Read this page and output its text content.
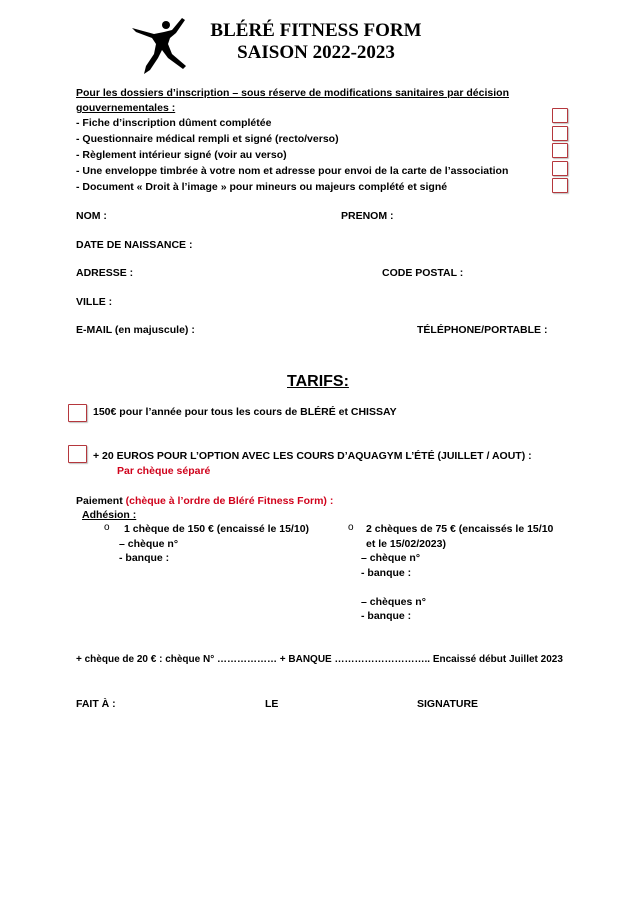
BLÉRÉ FITNESS FORM
SAISON 2022-2023
Pour les dossiers d’inscription – sous réserve de modifications sanitaires par décision
gouvernementales :
- Fiche d’inscription dûment complétée
- Questionnaire médical rempli et signé (recto/verso)
- Règlement intérieur signé (voir au verso)
- Une enveloppe timbrée à votre nom et adresse pour envoi de la carte de l’association
- Document « Droit à l’image » pour mineurs ou majeurs complété et signé
NOM :	PRENOM :
DATE DE NAISSANCE :
ADRESSE :	CODE POSTAL :
VILLE :
E-MAIL (en majuscule) :	TÉLÉPHONE/PORTABLE :
TARIFS:
150€ pour l’année pour tous les cours de BLÉRÉ et CHISSAY
+ 20 EUROS POUR L’OPTION AVEC LES COURS D’AQUAGYM L’ÉTÉ (JUILLET / AOUT) :
Par chèque séparé
Paiement (chèque à l’ordre de Bléré Fitness Form) :
Adhésion :
o 1 chèque de 150 € (encaissé le 15/10)
– chèque n°
- banque :
o 2 chèques de 75 € (encaissés le 15/10
et le 15/02/2023)
– chèque n°
- banque :
– chèques n°
- banque :
+ chèque de 20 € : chèque N° ……………… + BANQUE ……………………….. Encaissé début Juillet 2023
FAIT À :	LE	SIGNATURE
